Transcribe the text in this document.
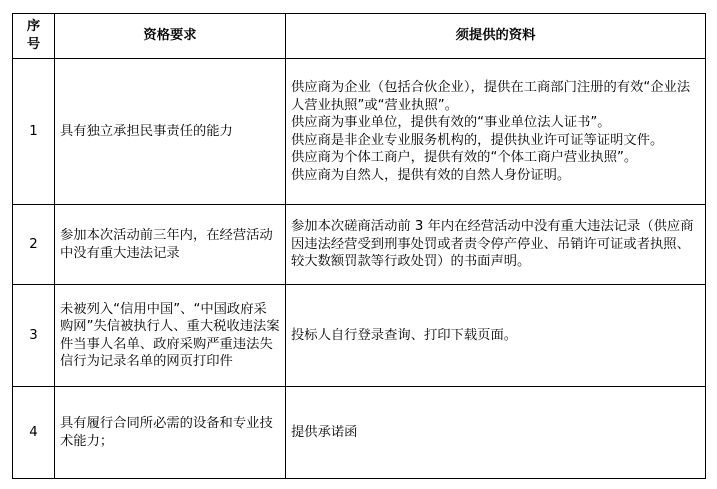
序
号	资格要求	须提供的资料
1	具有独立承担民事责任的能力	供应商为企业（包括合伙企业），提供在工商部门注册的有效“企业法人营业执照”或“营业执照”。
供应商为事业单位，提供有效的“事业单位法人证书”。
供应商是非企业专业服务机构的，提供执业许可证等证明文件。
供应商为个体工商户，提供有效的“个体工商户营业执照”。
供应商为自然人，提供有效的自然人身份证明。

2	参加本次活动前三年内，在经营活动中没有重大违法记录	参加本次磋商活动前 3 年内在经营活动中没有重大违法记录（供应商因违法经营受到刑事处罚或者责令停产停业、吊销许可证或者执照、较大数额罚款等行政处罚）的书面声明。

3	未被列入“信用中国”、“中国政府采购网”失信被执行人、重大税收违法案件当事人名单、政府采购严重违法失信行为记录名单的网页打印件	投标人自行登录查询、打印下载页面。

4	具有履行合同所必需的设备和专业技术能力；	提供承诺函
